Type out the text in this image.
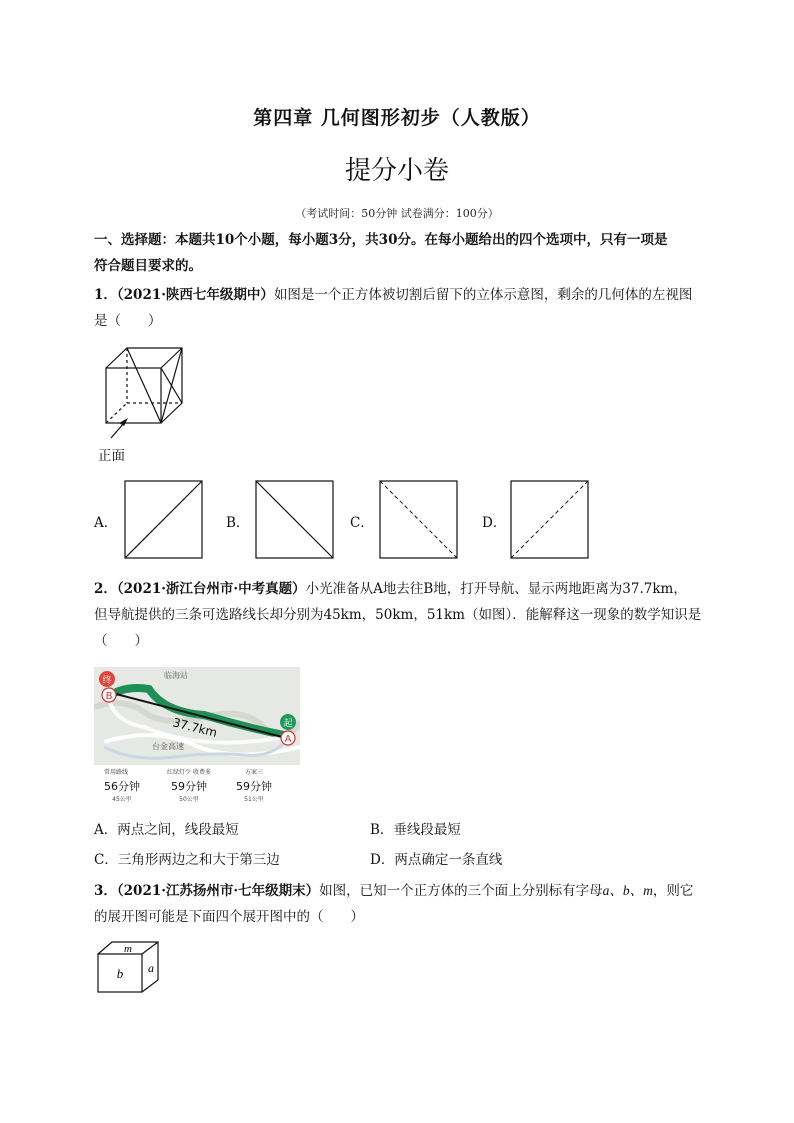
第四章 几何图形初步（人教版）
提分小卷
（考试时间：50分钟 试卷满分：100分）
一、选择题：本题共10个小题，每小题3分，共30分。在每小题给出的四个选项中，只有一项是
符合题目要求的。
1．（2021·陕西七年级期中）如图是一个正方体被切割后留下的立体示意图，剩余的几何体的左视图
是（　　）
正面
A．	B．	C．	D．
2．（2021·浙江台州市·中考真题）小光准备从A地去往B地，打开导航、显示两地距离为37.7km，
但导航提供的三条可选路线长却分别为45km，50km，51km（如图）．能解释这一现象的数学知识是
（　　）
37.7km
终
B
起
A
临海站
台金高速
常用路线	红绿灯少 收费多	方案三
56分钟	59分钟	59分钟
45公里	50公里	51公里
A．两点之间，线段最短	B．垂线段最短
C．三角形两边之和大于第三边	D．两点确定一条直线
3．（2021·江苏扬州市·七年级期末）如图，已知一个正方体的三个面上分别标有字母a、b、m，则它
的展开图可能是下面四个展开图中的（　　）
m
b a
